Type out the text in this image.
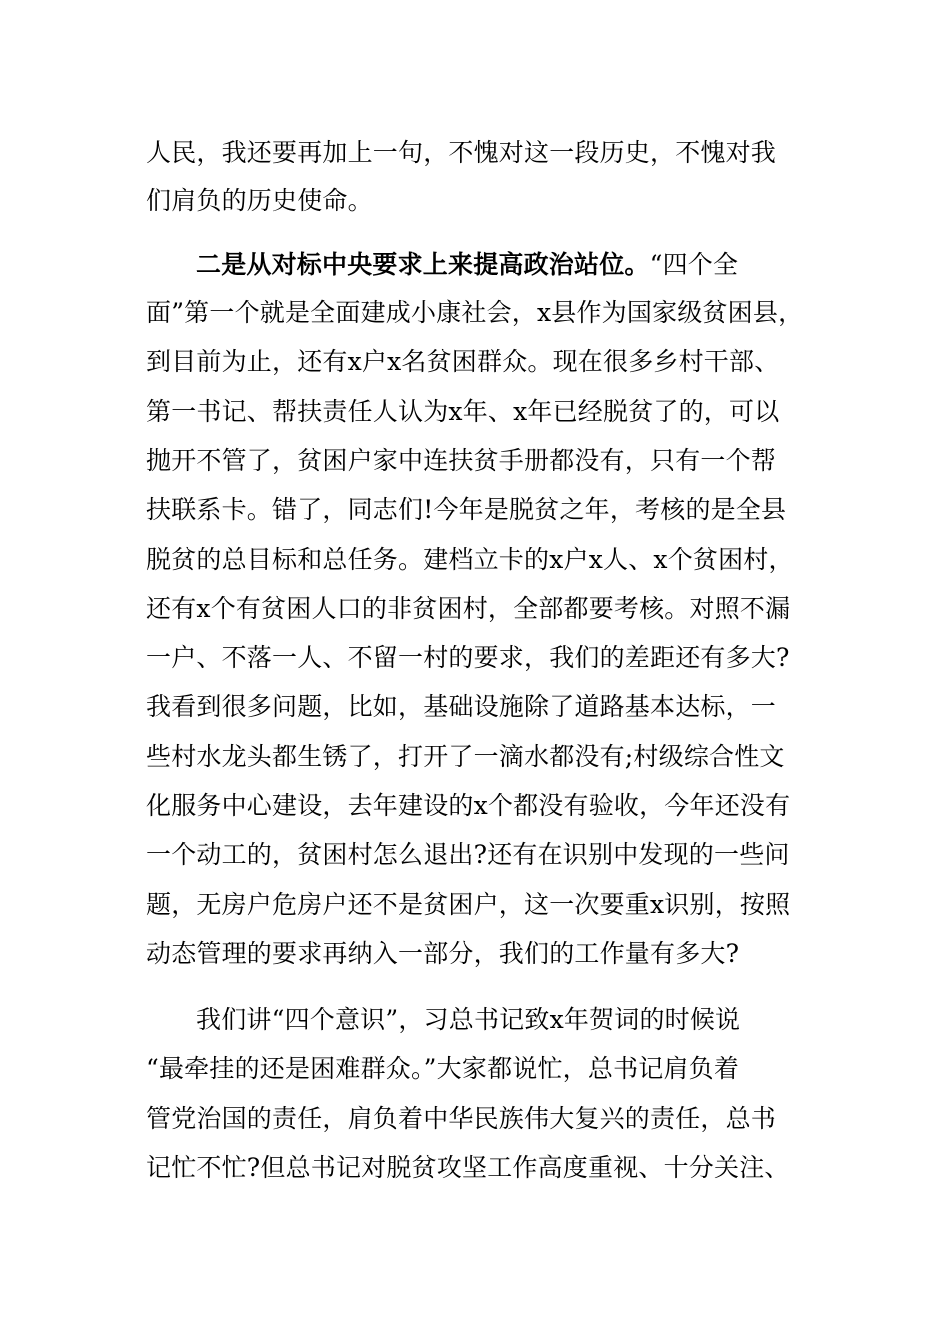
人民，我还要再加上一句，不愧对这一段历史，不愧对我
们肩负的历史使命。
二是从对标中央要求上来提高政治站位。“四个全
面”第一个就是全面建成小康社会，x县作为国家级贫困县，
到目前为止，还有x户x名贫困群众。现在很多乡村干部、
第一书记、帮扶责任人认为x年、x年已经脱贫了的，可以
抛开不管了，贫困户家中连扶贫手册都没有，只有一个帮
扶联系卡。错了，同志们!今年是脱贫之年，考核的是全县
脱贫的总目标和总任务。建档立卡的x户x人、x个贫困村，
还有x个有贫困人口的非贫困村，全部都要考核。对照不漏
一户、不落一人、不留一村的要求，我们的差距还有多大?
我看到很多问题，比如，基础设施除了道路基本达标，一
些村水龙头都生锈了，打开了一滴水都没有;村级综合性文
化服务中心建设，去年建设的x个都没有验收，今年还没有
一个动工的，贫困村怎么退出?还有在识别中发现的一些问
题，无房户危房户还不是贫困户，这一次要重x识别，按照
动态管理的要求再纳入一部分，我们的工作量有多大?
我们讲“四个意识”，习总书记致x年贺词的时候说
“最牵挂的还是困难群众。”大家都说忙，总书记肩负着
管党治国的责任，肩负着中华民族伟大复兴的责任，总书
记忙不忙?但总书记对脱贫攻坚工作高度重视、十分关注、
